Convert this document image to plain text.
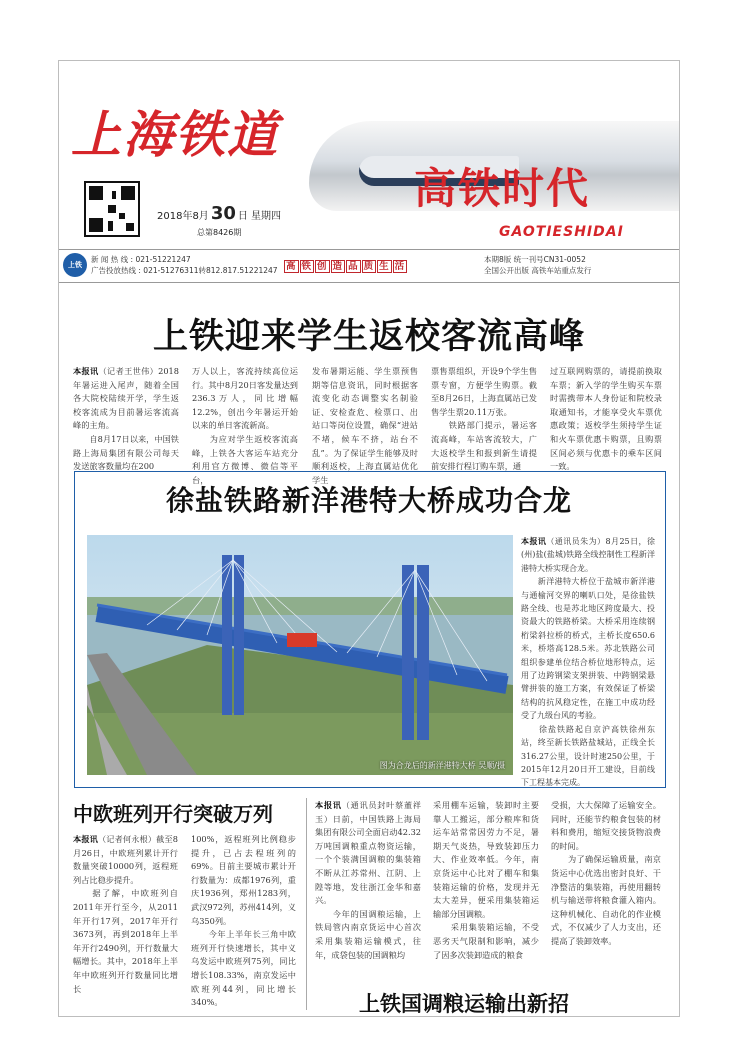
上海铁道
高铁时代
GAOTIESHIDAI
2018年8月 30 日 星期四
总第8426期
上铁
新 闻 热 线 : 021-51221247
广告投放热线 : 021-51276311转812.817.51221247 高 铁 创 造 品 质 生 活
本期8版 统一刊号CN31-0052
全国公开出版 高铁车站重点发行
上铁迎来学生返校客流高峰
本报讯（记者王世伟）2018年暑运进入尾声，随着全国各大院校陆续开学，学生返校客流成为目前暑运客流高峰的主角。
　　自8月17日以来，中国铁路上海局集团有限公司每天发送旅客数量均在200
万人以上，客流持续高位运行。其中8月20日客发量达到236.3万人，同比增幅12.2%，创出今年暑运开始以来的单日客流新高。
　　为应对学生返校客流高峰，上铁各大客运车站充分利用官方微博、微信等平台，
发布暑期运能、学生票预售期等信息资讯，同时根据客流变化动态调整实名制验证、安检查危、检票口、出站口等岗位设置，确保“进站不堵，候车不挤，站台不乱”。为了保证学生能够及时顺利返校，上海直属站优化学生
票售票组织，开设9个学生售票专窗，方便学生购票。截至8月26日，上海直属站已发售学生票20.11万张。
　　铁路部门提示，暑运客流高峰，车站客流较大，广大返校学生和报到新生请提前安排行程订购车票，通
过互联网购票的，请提前换取车票；新入学的学生购买车票时需携带本人身份证和院校录取通知书，才能享受火车票优惠政策；返校学生须持学生证和火车票优惠卡购票，且购票区间必须与优惠卡的乘车区间一致。
徐盐铁路新洋港特大桥成功合龙
图为合龙后的新洋港特大桥 吴顺/摄
本报讯（通讯员朱为）8月25日，徐(州)盐(盐城)铁路全线控制性工程新洋港特大桥实现合龙。
　　新洋港特大桥位于盐城市新洋港与通榆河交界的喇叭口处，是徐盐铁路全线、也是苏北地区跨度最大、投资最大的铁路桥梁。大桥采用连续钢桁梁斜拉桥的桥式，主桥长度650.6米，桥塔高128.5米。苏北铁路公司组织参建单位结合桥位地形特点，运用了边跨钢梁支架拼装、中跨钢梁悬臂拼装的施工方案，有效保证了桥梁结构的抗风稳定性，在施工中成功经受了九级台风的考验。
　　徐盐铁路起自京沪高铁徐州东站，终至新长铁路盐城站，正线全长316.27公里，设计时速250公里，于2015年12月20日开工建设，目前线下工程基本完成。
中欧班列开行突破万列
本报讯（记者何永根）截至8月26日，中欧班列累计开行数量突破10000列，返程班列占比稳步提升。
　　据了解，中欧班列自2011年开行至今，从2011年开行17列，2017年开行3673列，再到2018年上半年开行2490列，开行数量大幅增长。其中，2018年上半年中欧班列开行数量同比增长
100%，返程班列比例稳步提升，已占去程班列的69%。目前主要城市累计开行数量为：成都1976列，重庆1936列，郑州1283列，武汉972列，苏州414列，义乌350列。
　　今年上半年长三角中欧班列开行快速增长，其中义乌发运中欧班列75列，同比增长108.33%，南京发运中欧班列44列，同比增长340%。
本报讯（通讯员封叶蔡董祥玉）日前，中国铁路上海局集团有限公司全面启动42.32万吨国调粮重点物资运输，一个个装满国调粮的集装箱不断从江苏常州、江阴、上隍等地，发往浙江金华和嘉兴。
　　今年的国调粮运输，上铁局管内南京货运中心首次采用集装箱运输模式，往年，成袋包装的国调粮均
采用棚车运输，装卸时主要靠人工搬运，部分粮库和货运车站常常因劳力不足，暑期天气炎热，导致装卸压力大、作业效率低。今年，南京货运中心比对了棚车和集装箱运输的价格，发现并无太大差异，便采用集装箱运输部分国调粮。
　　采用集装箱运输，不受恶劣天气限制和影响，减少了因多次装卸造成的粮食
受损，大大保障了运输安全。同时，还能节约粮食包装的材料和费用，缩短交接货物浪费的时间。
　　为了确保运输质量，南京货运中心优选出密封良好、干净整洁的集装箱，再使用翻转机与输送带将粮食灌入箱内。这种机械化、自动化的作业模式，不仅减少了人力支出，还提高了装卸效率。
上铁国调粮运输出新招
